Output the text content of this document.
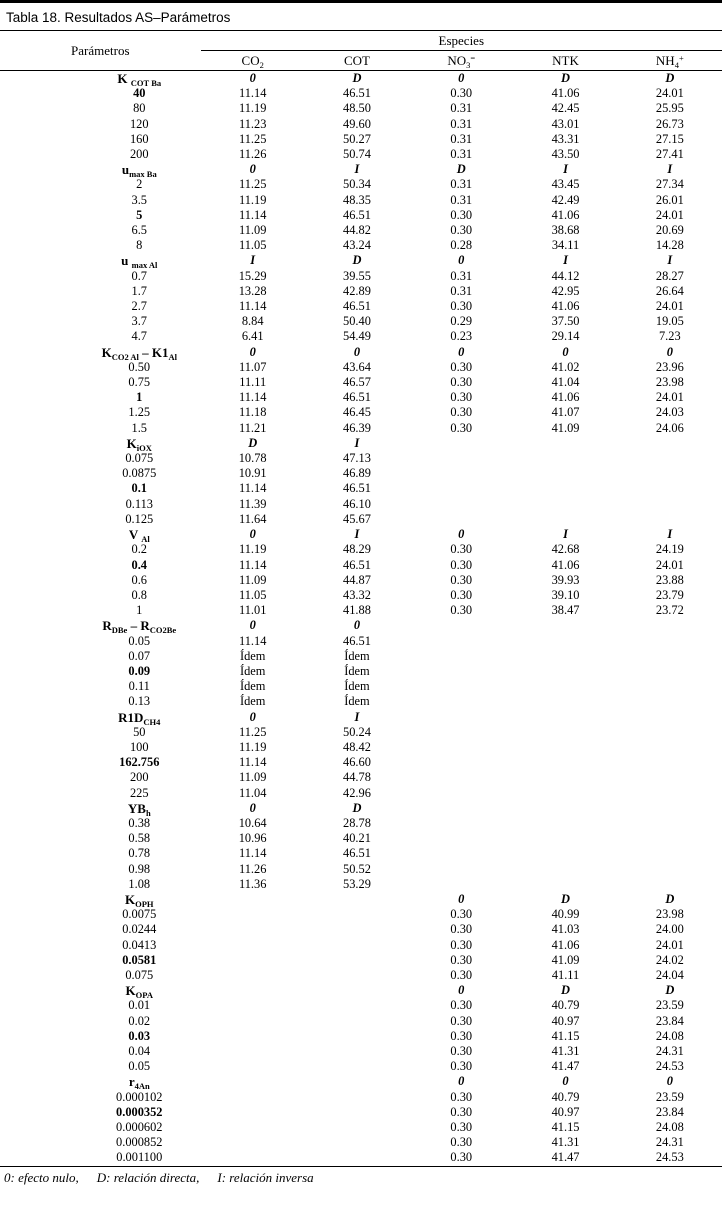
Tabla 18. Resultados AS–Parámetros
Parámetros	Especies				
	$CO_2$	COT	$NO_3^=$	NTK	$NH_4^+$
K $_{COT Ba}$	0	D	0	D	D
40	11.14	46.51	0.30	41.06	24.01
80	11.19	48.50	0.31	42.45	25.95
120	11.23	49.60	0.31	43.01	26.73
160	11.25	50.27	0.31	43.31	27.15
200	11.26	50.74	0.31	43.50	27.41
$u_{max Ba}$	0	I	D	I	I
2	11.25	50.34	0.31	43.45	27.34
3.5	11.19	48.35	0.31	42.49	26.01
5	11.14	46.51	0.30	41.06	24.01
6.5	11.09	44.82	0.30	38.68	20.69
8	11.05	43.24	0.28	34.11	14.28
u $_{max Al}$	I	D	0	I	I
0.7	15.29	39.55	0.31	44.12	28.27
1.7	13.28	42.89	0.31	42.95	26.64
2.7	11.14	46.51	0.30	41.06	24.01
3.7	8.84	50.40	0.29	37.50	19.05
4.7	6.41	54.49	0.23	29.14	7.23
$K_{CO2 Al} - K1_{Al}$	0	0	0	0	0
0.50	11.07	43.64	0.30	41.02	23.96
0.75	11.11	46.57	0.30	41.04	23.98
1	11.14	46.51	0.30	41.06	24.01
1.25	11.18	46.45	0.30	41.07	24.03
1.5	11.21	46.39	0.30	41.09	24.06
$K_{iOX}$	D	I			
0.075	10.78	47.13			
0.0875	10.91	46.89			
0.1	11.14	46.51			
0.113	11.39	46.10			
0.125	11.64	45.67			
V $_{Al}$	0	I	0	I	I
0.2	11.19	48.29	0.30	42.68	24.19
0.4	11.14	46.51	0.30	41.06	24.01
0.6	11.09	44.87	0.30	39.93	23.88
0.8	11.05	43.32	0.30	39.10	23.79
1	11.01	41.88	0.30	38.47	23.72
$R_{DBe} - R_{CO2Be}$	0	0			
0.05	11.14	46.51			
0.07	Ídem	Ídem			
0.09	Ídem	Ídem			
0.11	Ídem	Ídem			
0.13	Ídem	Ídem			
$R1D_{CH4}$	0	I			
50	11.25	50.24			
100	11.19	48.42			
162.756	11.14	46.60			
200	11.09	44.78			
225	11.04	42.96			
$YB_h$	0	D			
0.38	10.64	28.78			
0.58	10.96	40.21			
0.78	11.14	46.51			
0.98	11.26	50.52			
1.08	11.36	53.29			
$K_{OPH}$			0	D	D
0.0075			0.30	40.99	23.98
0.0244			0.30	41.03	24.00
0.0413			0.30	41.06	24.01
0.0581			0.30	41.09	24.02
0.075			0.30	41.11	24.04
$K_{OPA}$			0	D	D
0.01			0.30	40.79	23.59
0.02			0.30	40.97	23.84
0.03			0.30	41.15	24.08
0.04			0.30	41.31	24.31
0.05			0.30	41.47	24.53
$r_{4An}$			0	0	0
0.000102			0.30	40.79	23.59
0.000352			0.30	40.97	23.84
0.000602			0.30	41.15	24.08
0.000852			0.30	41.31	24.31
0.001100			0.30	41.47	24.53
0: efecto nulo, D: relación directa, I: relación inversa
